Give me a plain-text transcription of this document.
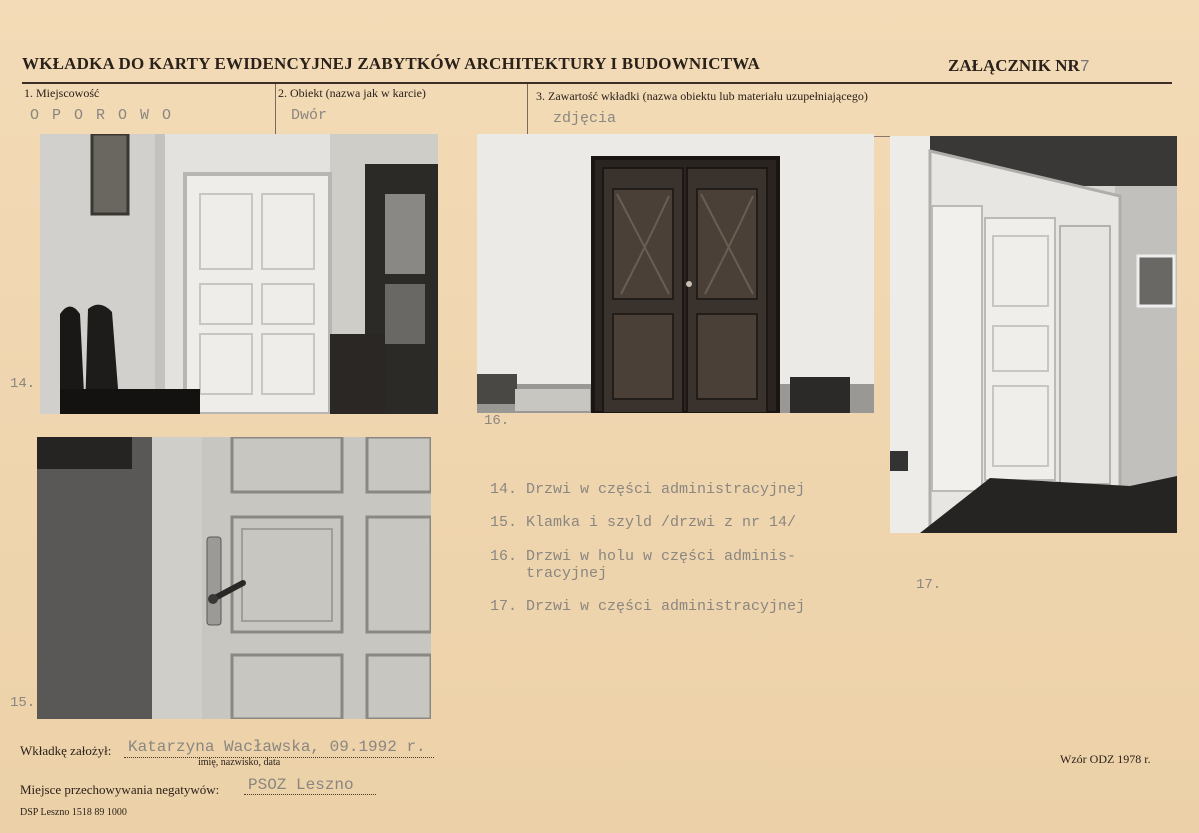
WKŁADKA DO KARTY EWIDENCYJNEJ ZABYTKÓW ARCHITEKTURY I BUDOWNICTWA	ZAŁĄCZNIK NR7
1. Miejscowość	2. Obiekt (nazwa jak w karcie)	3. Zawartość wkładki (nazwa obiektu lub materiału uzupełniającego)
O P O R O W O	Dwór	zdjęcia
14.
16.
17.
15.
14. Drzwi w części administracyjnej
15. Klamka i szyld /drzwi z nr 14/
16. Drzwi w holu w części adminis-
tracyjnej
17. Drzwi w części administracyjnej
Wkładkę założył: Katarzyna Wacławska, 09.1992 r.
imię, nazwisko, data
Miejsce przechowywania negatywów: PSOZ Leszno
Wzór ODZ 1978 r.
DSP Leszno 1518 89 1000
